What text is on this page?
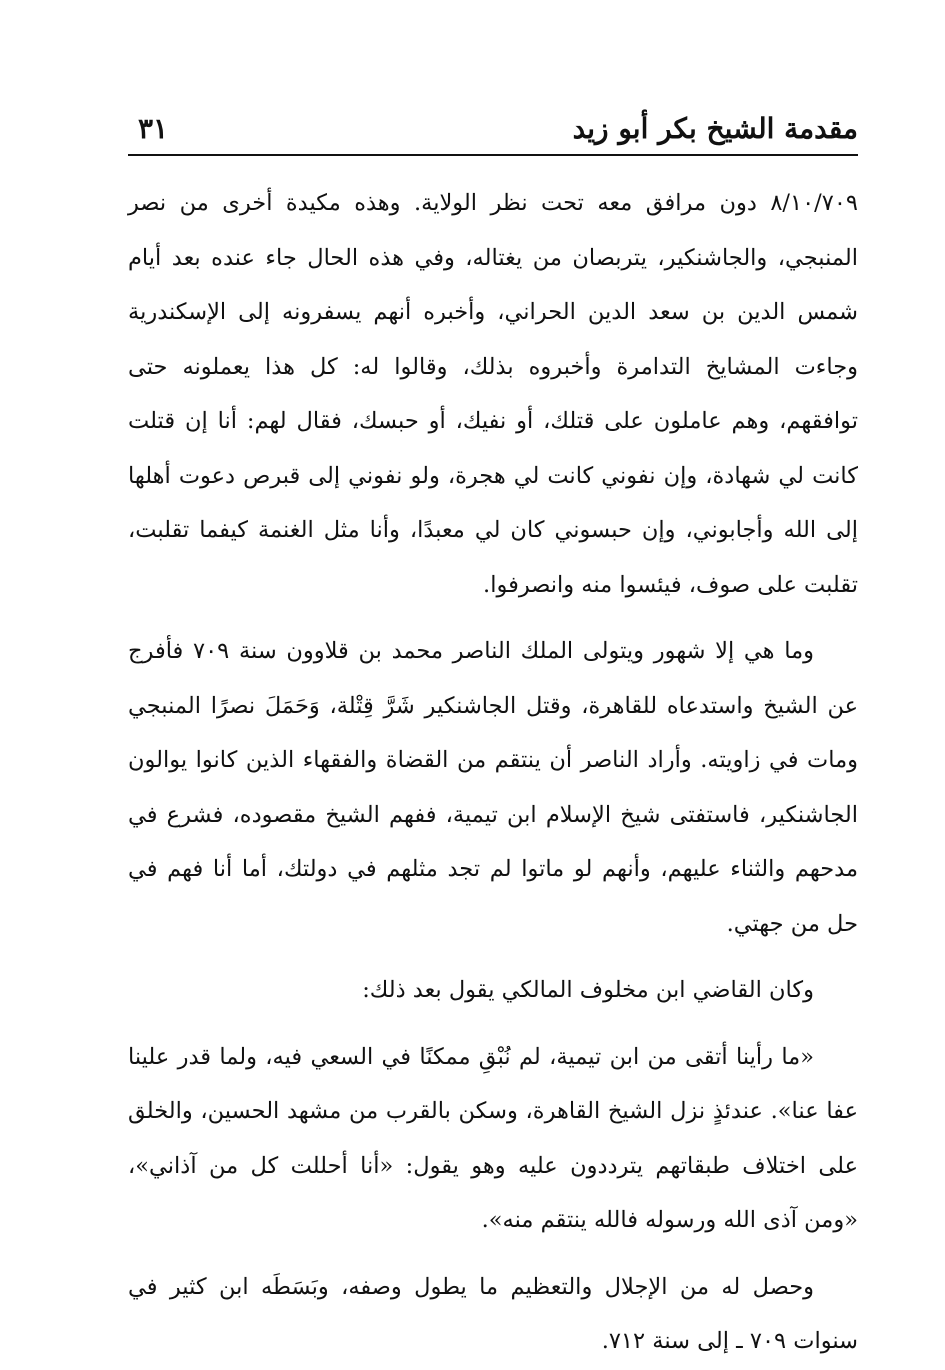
مقدمة الشيخ بكر أبو زيد
٣١

٨/١٠/٧٠٩ دون مرافق معه تحت نظر الولاية. وهذه مكيدة أخرى من نصر المنبجي، والجاشنكير، يتربصان من يغتاله، وفي هذه الحال جاء عنده بعد أيام شمس الدين بن سعد الدين الحراني، وأخبره أنهم يسفرونه إلى الإسكندرية وجاءت المشايخ التدامرة وأخبروه بذلك، وقالوا له: كل هذا يعملونه حتى توافقهم، وهم عاملون على قتلك، أو نفيك، أو حبسك، فقال لهم: أنا إن قتلت كانت لي شهادة، وإن نفوني كانت لي هجرة، ولو نفوني إلى قبرص دعوت أهلها إلى الله وأجابوني، وإن حبسوني كان لي معبدًا، وأنا مثل الغنمة كيفما تقلبت، تقلبت على صوف، فيئسوا منه وانصرفوا.

وما هي إلا شهور ويتولى الملك الناصر محمد بن قلاوون سنة ٧٠٩ فأفرج عن الشيخ واستدعاه للقاهرة، وقتل الجاشنكير شَرَّ قِتْلة، وَحَمَلَ نصرًا المنبجي ومات في زاويته. وأراد الناصر أن ينتقم من القضاة والفقهاء الذين كانوا يوالون الجاشنكير، فاستفتى شيخ الإسلام ابن تيمية، ففهم الشيخ مقصوده، فشرع في مدحهم والثناء عليهم، وأنهم لو ماتوا لم تجد مثلهم في دولتك، أما أنا فهم في حل من جهتي.

وكان القاضي ابن مخلوف المالكي يقول بعد ذلك:

«ما رأينا أتقى من ابن تيمية، لم نُبْقِ ممكنًا في السعي فيه، ولما قدر علينا عفا عنا». عندئذٍ نزل الشيخ القاهرة، وسكن بالقرب من مشهد الحسين، والخلق على اختلاف طبقاتهم يترددون عليه وهو يقول: «أنا أحللت كل من آذاني»، «ومن آذى الله ورسوله فالله ينتقم منه».

وحصل له من الإجلال والتعظيم ما يطول وصفه، وبَسَطَه ابن كثير في سنوات ٧٠٩ ـ إلى سنة ٧١٢.
